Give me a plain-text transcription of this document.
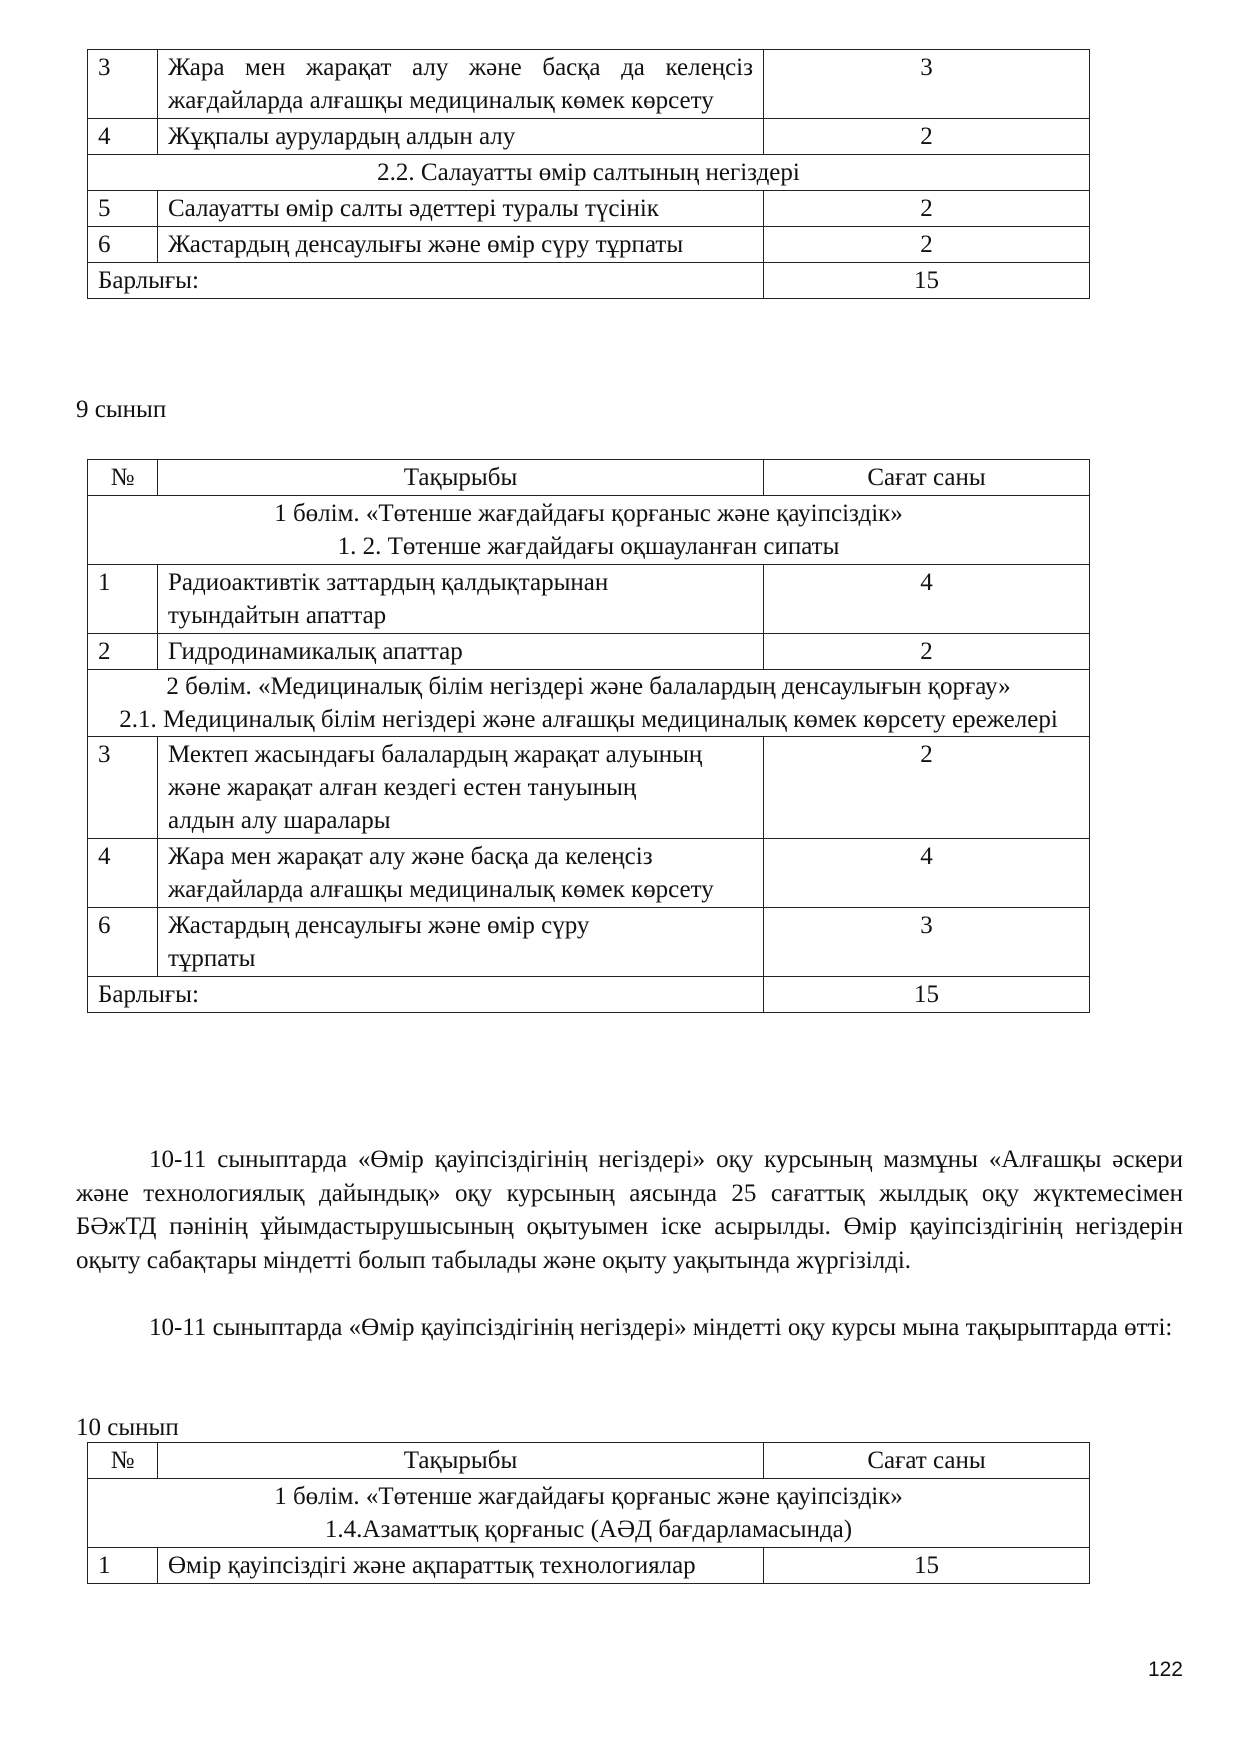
3	Жара мен жарақат алу және басқа да келеңсіз жағдайларда алғашқы медициналық көмек көрсету	3
4	Жұқпалы аурулардың алдын алу	2
2.2. Салауатты өмір салтының негіздері		
5	Салауатты өмір салты әдеттері туралы түсінік	2
6	Жастардың денсаулығы және өмір сүру тұрпаты	2
Барлығы:		15
9 сынып
№	Тақырыбы	Сағат саны

1 бөлім. «Төтенше жағдайдағы қорғаныс және қауіпсіздік»
1. 2. Төтенше жағдайдағы оқшауланған сипаты		

1	Радиоактивтік заттардың қалдықтарынан туындайтын апаттар	4
2	Гидродинамикалық апаттар	2

2 бөлім. «Медициналық білім негіздері және балалардың денсаулығын қорғау»
2.1. Медициналық білім негіздері және алғашқы медициналық көмек көрсету ережелері		

3	Мектеп жасындағы балалардың жарақат алуының және жарақат алған кездегі естен тануының алдын алу шаралары	2
4	Жара мен жарақат алу және басқа да келеңсіз жағдайларда алғашқы медициналық көмек көрсету	4
6	Жастардың денсаулығы және өмір сүру тұрпаты	3
Барлығы:		15

10-11 сыныптарда «Өмір қауіпсіздігінің негіздері» оқу курсының мазмұны «Алғашқы әскери және технологиялық дайындық» оқу курсының аясында 25 сағаттық жылдық оқу жүктемесімен БӘжТД пәнінің ұйымдастырушысының оқытуымен іске асырылды. Өмір қауіпсіздігінің негіздерін оқыту сабақтары міндетті болып табылады және оқыту уақытында жүргізілді.

10-11 сыныптарда «Өмір қауіпсіздігінің негіздері» міндетті оқу курсы мына тақырыптарда өтті:

10 сынып
№	Тақырыбы	Сағат саны

1 бөлім. «Төтенше жағдайдағы қорғаныс және қауіпсіздік»
1.4.Азаматтық қорғаныс (АӘД бағдарламасында)		

1	Өмір қауіпсіздігі және ақпараттық технологиялар	15
122
